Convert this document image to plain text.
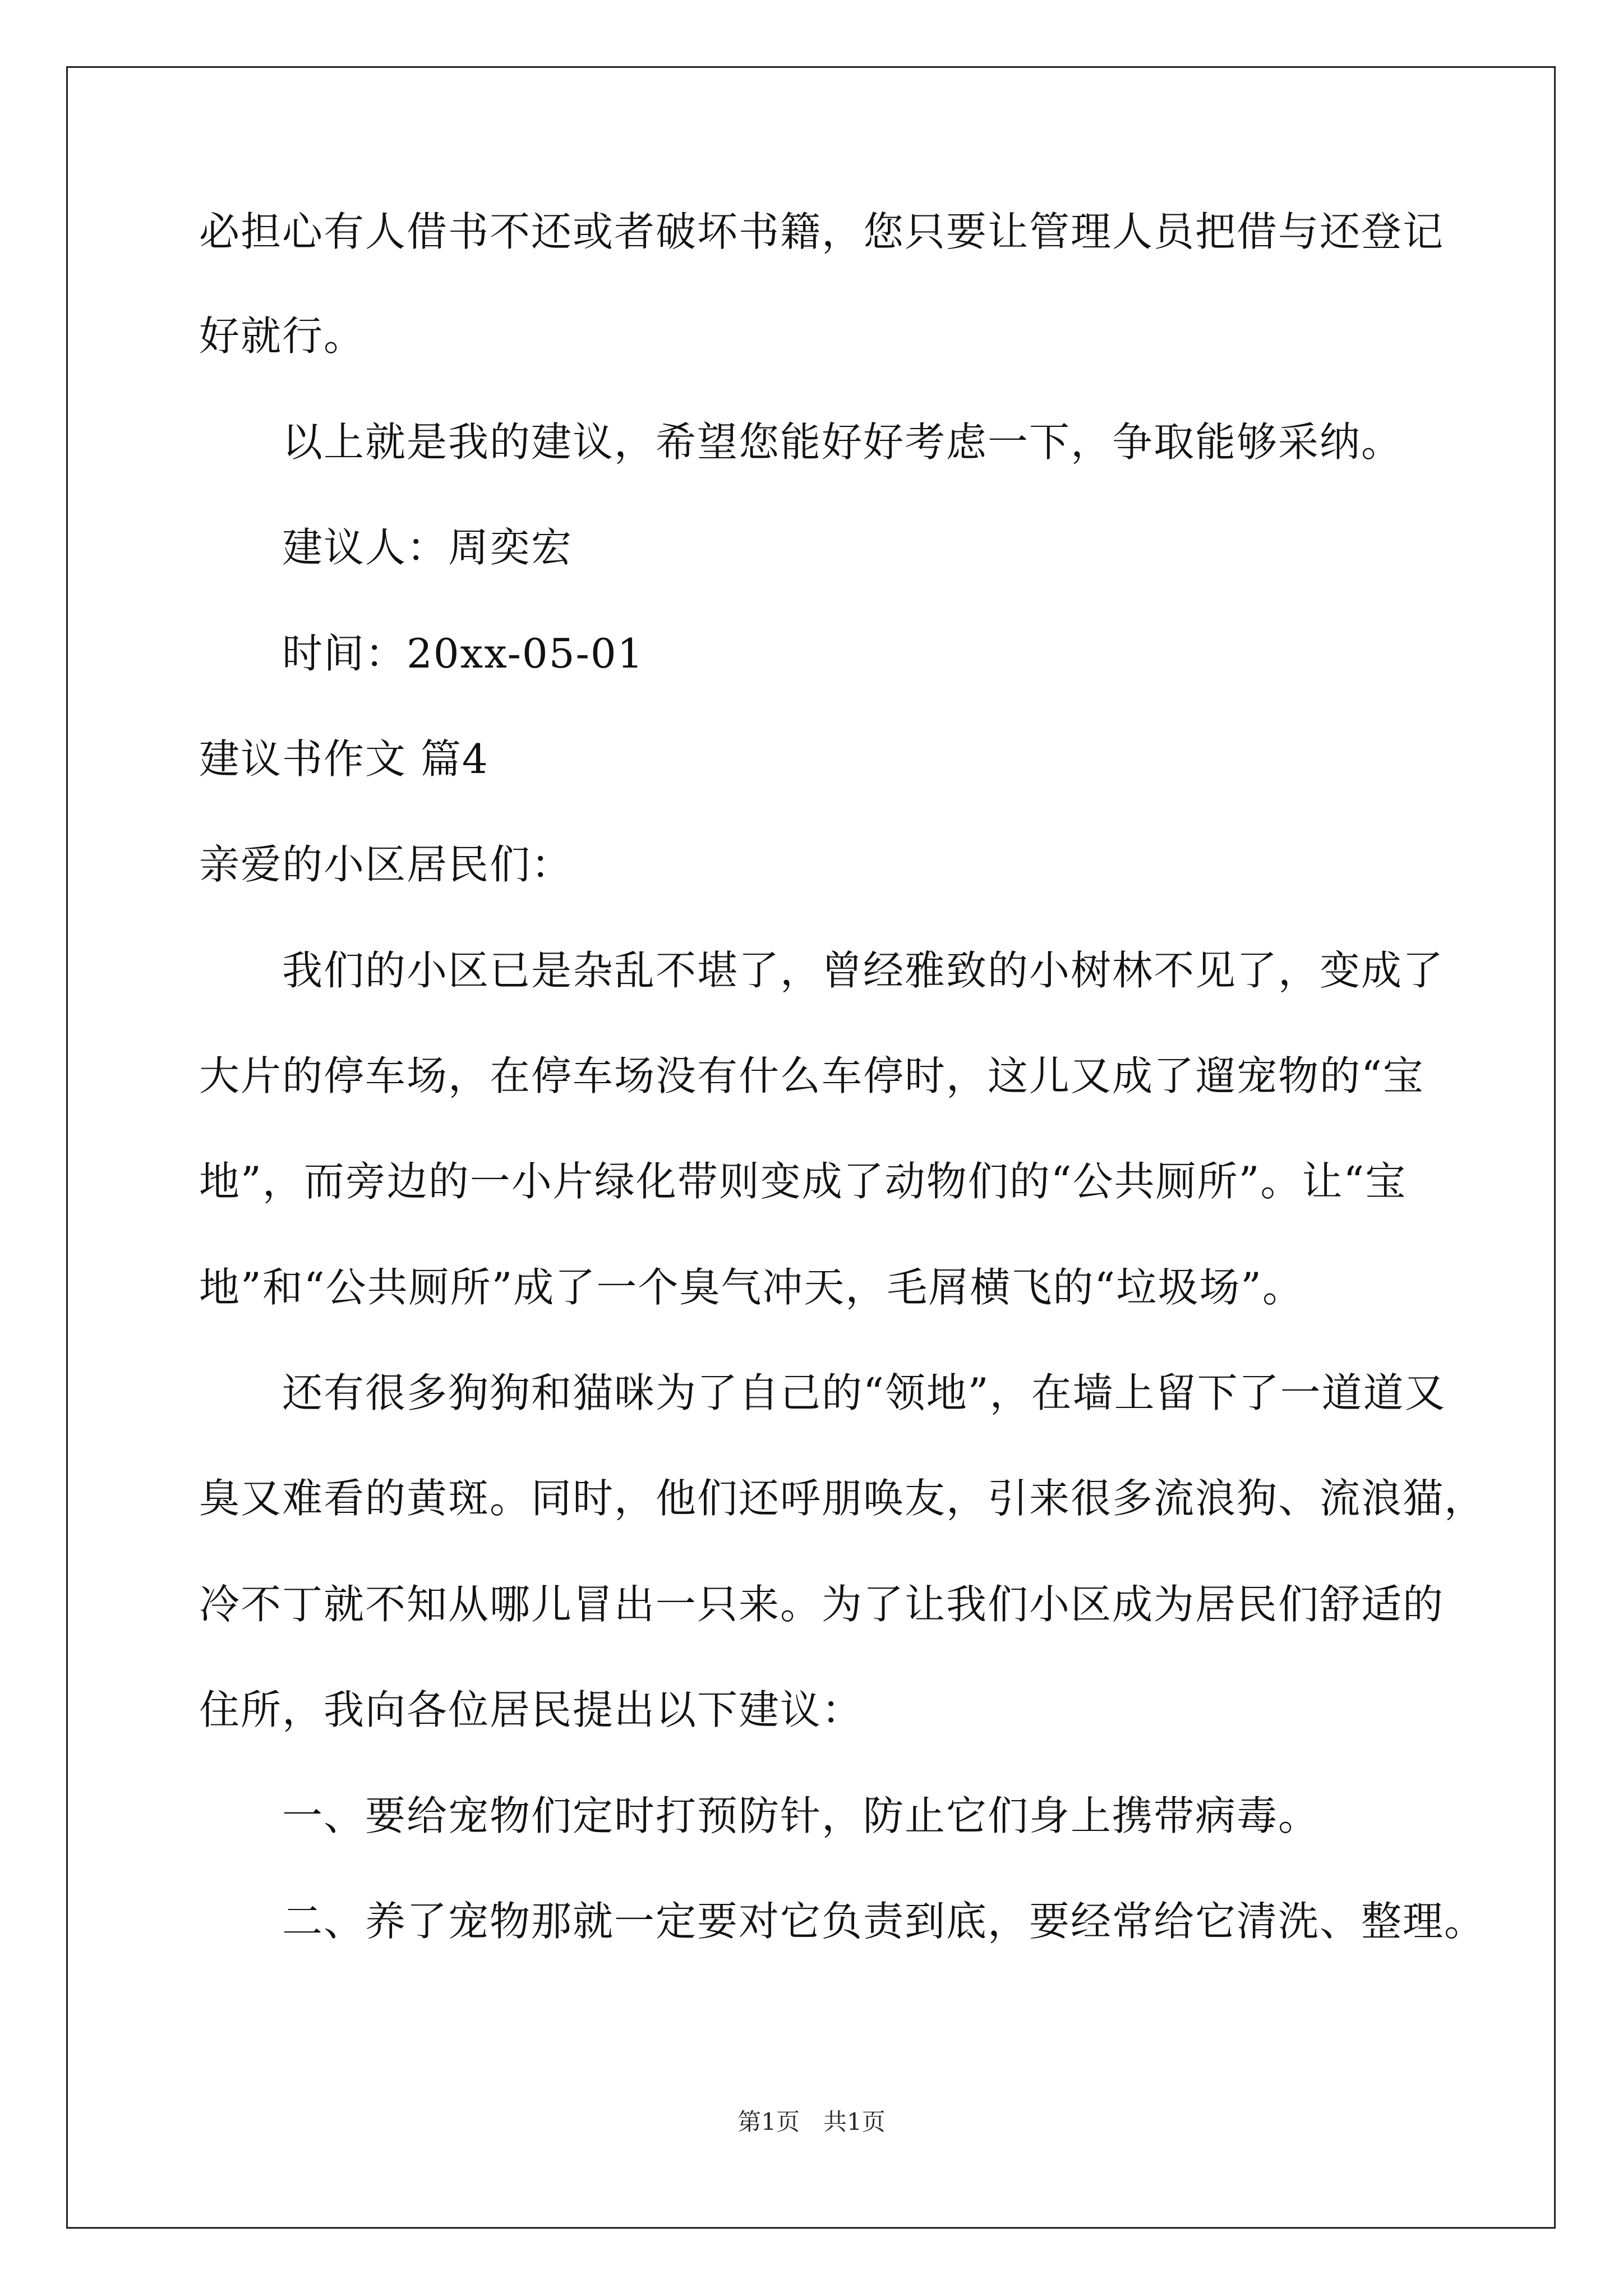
必担心有人借书不还或者破坏书籍，您只要让管理人员把借与还登记
好就行。
以上就是我的建议，希望您能好好考虑一下，争取能够采纳。
建议人：周奕宏
时间：20xx-05-01
建议书作文 篇4
亲爱的小区居民们：
我们的小区已是杂乱不堪了，曾经雅致的小树林不见了，变成了
大片的停车场，在停车场没有什么车停时，这儿又成了遛宠物的“宝
地”，而旁边的一小片绿化带则变成了动物们的“公共厕所”。让“宝
地”和“公共厕所”成了一个臭气冲天，毛屑横飞的“垃圾场”。
还有很多狗狗和猫咪为了自己的“领地”，在墙上留下了一道道又
臭又难看的黄斑。同时，他们还呼朋唤友，引来很多流浪狗、流浪猫，
冷不丁就不知从哪儿冒出一只来。为了让我们小区成为居民们舒适的
住所，我向各位居民提出以下建议：
一、要给宠物们定时打预防针，防止它们身上携带病毒。
二、养了宠物那就一定要对它负责到底，要经常给它清洗、整理。
第1页　共1页
